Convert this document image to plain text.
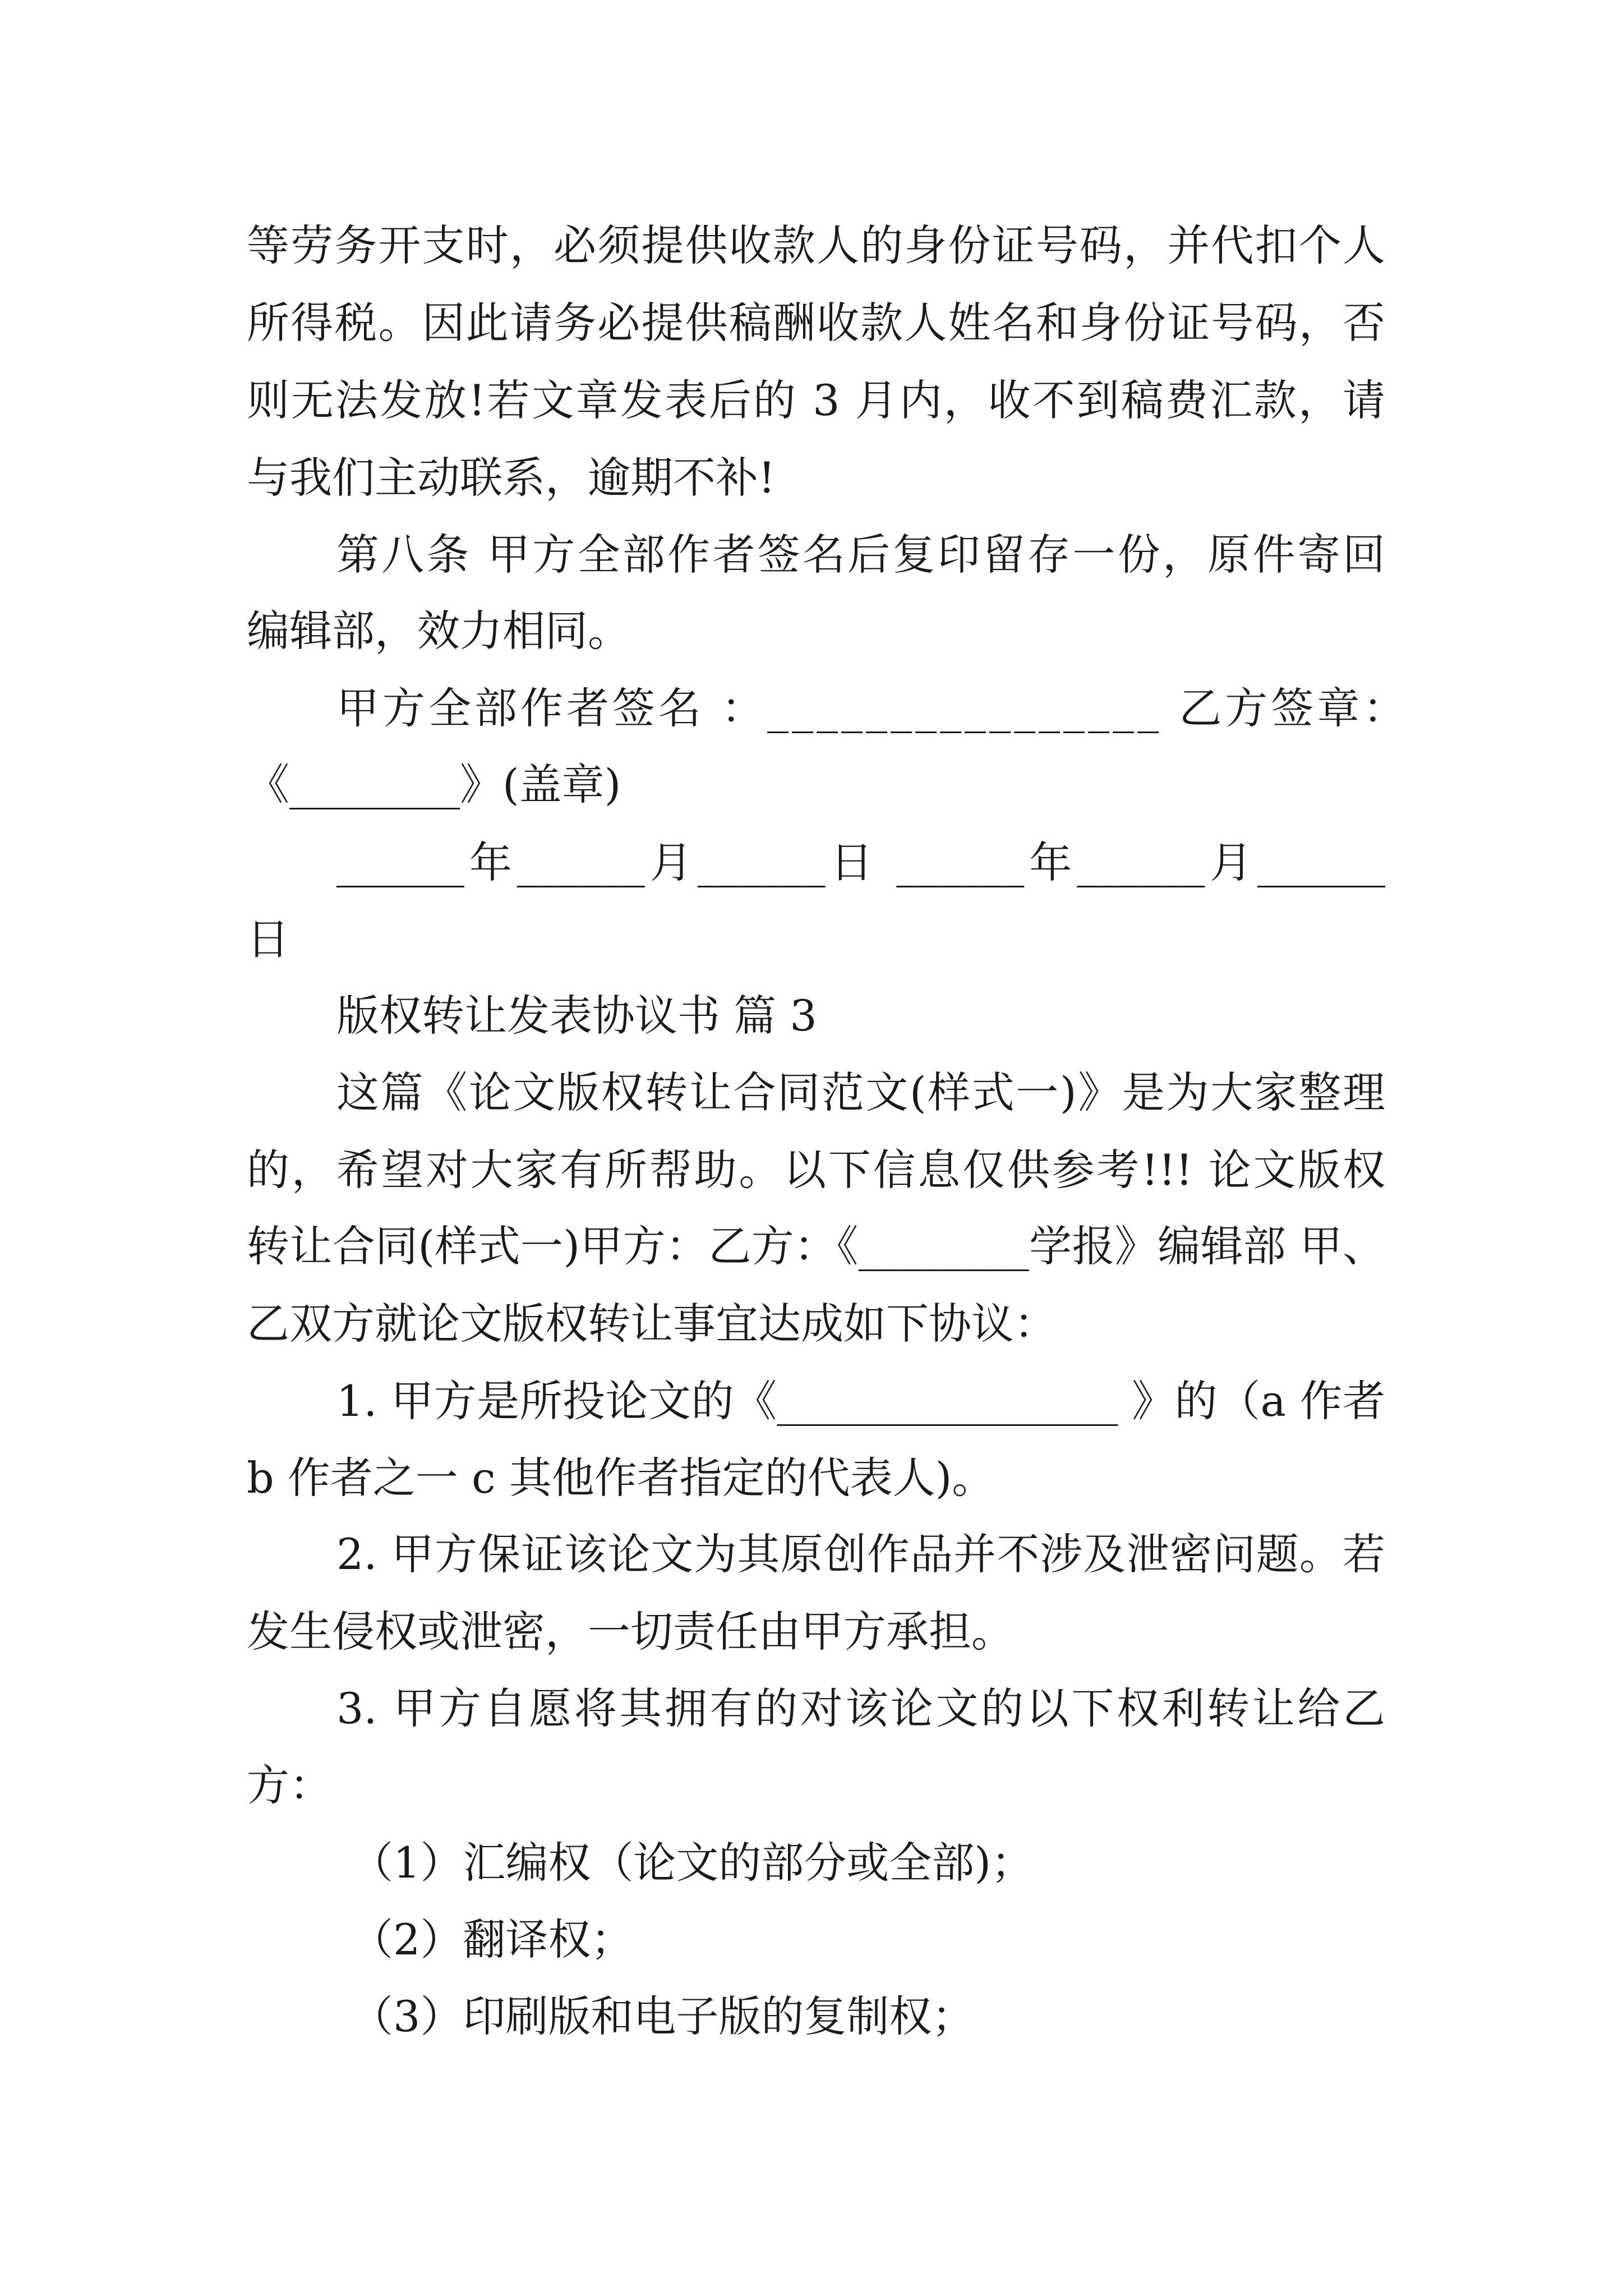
等劳务开支时，必须提供收款人的身份证号码，并代扣个人
所得税。因此请务必提供稿酬收款人姓名和身份证号码，否
则无法发放!若文章发表后的 3 月内，收不到稿费汇款，请
与我们主动联系，逾期不补!
第八条 甲方全部作者签名后复印留存一份，原件寄回
编辑部，效力相同。
甲方全部作者签名 ：________________ 乙方签章：
《________》(盖章)
______年______月______日 ______年______月______
日
版权转让发表协议书 篇 3
这篇《论文版权转让合同范文(样式一)》是为大家整理
的，希望对大家有所帮助。以下信息仅供参考!!! 论文版权
转让合同(样式一)甲方：乙方：《________学报》编辑部 甲、
乙双方就论文版权转让事宜达成如下协议：
1. 甲方是所投论文的《________________ 》的（a 作者
b 作者之一 c 其他作者指定的代表人)。
2. 甲方保证该论文为其原创作品并不涉及泄密问题。若
发生侵权或泄密，一切责任由甲方承担。
3. 甲方自愿将其拥有的对该论文的以下权利转让给乙
方：
（1）汇编权（论文的部分或全部)；
（2）翻译权；
（3）印刷版和电子版的复制权；
